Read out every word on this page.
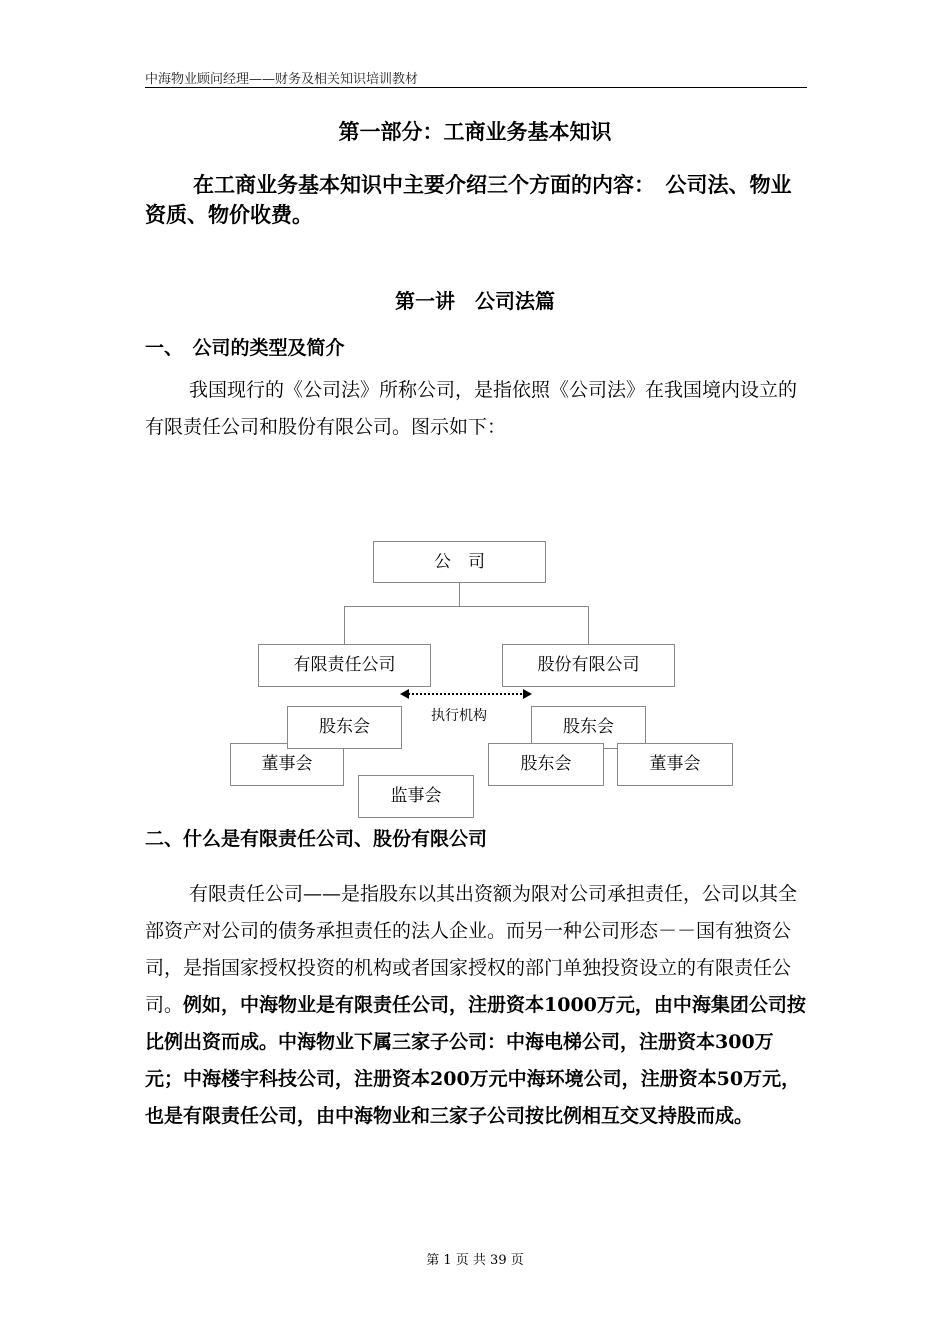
中海物业顾问经理——财务及相关知识培训教材
第一部分：工商业务基本知识
在工商业务基本知识中主要介绍三个方面的内容：　公司法、物业资质、物价收费。
第一讲　公司法篇
一、　公司的类型及简介
我国现行的《公司法》所称公司，是指依照《公司法》在我国境内设立的有限责任公司和股份有限公司。图示如下：
公　司
有限责任公司	股份有限公司
执行机构
董事会
股东会
监事会
股东会
股东会	董事会
二、什么是有限责任公司、股份有限公司
有限责任公司——是指股东以其出资额为限对公司承担责任，公司以其全部资产对公司的债务承担责任的法人企业。而另一种公司形态－－国有独资公司，是指国家授权投资的机构或者国家授权的部门单独投资设立的有限责任公司。例如，中海物业是有限责任公司，注册资本1000万元，由中海集团公司按比例出资而成。中海物业下属三家子公司：中海电梯公司，注册资本300万元；中海楼宇科技公司，注册资本200万元中海环境公司，注册资本50万元，也是有限责任公司，由中海物业和三家子公司按比例相互交叉持股而成。
第 1 页 共 39 页
